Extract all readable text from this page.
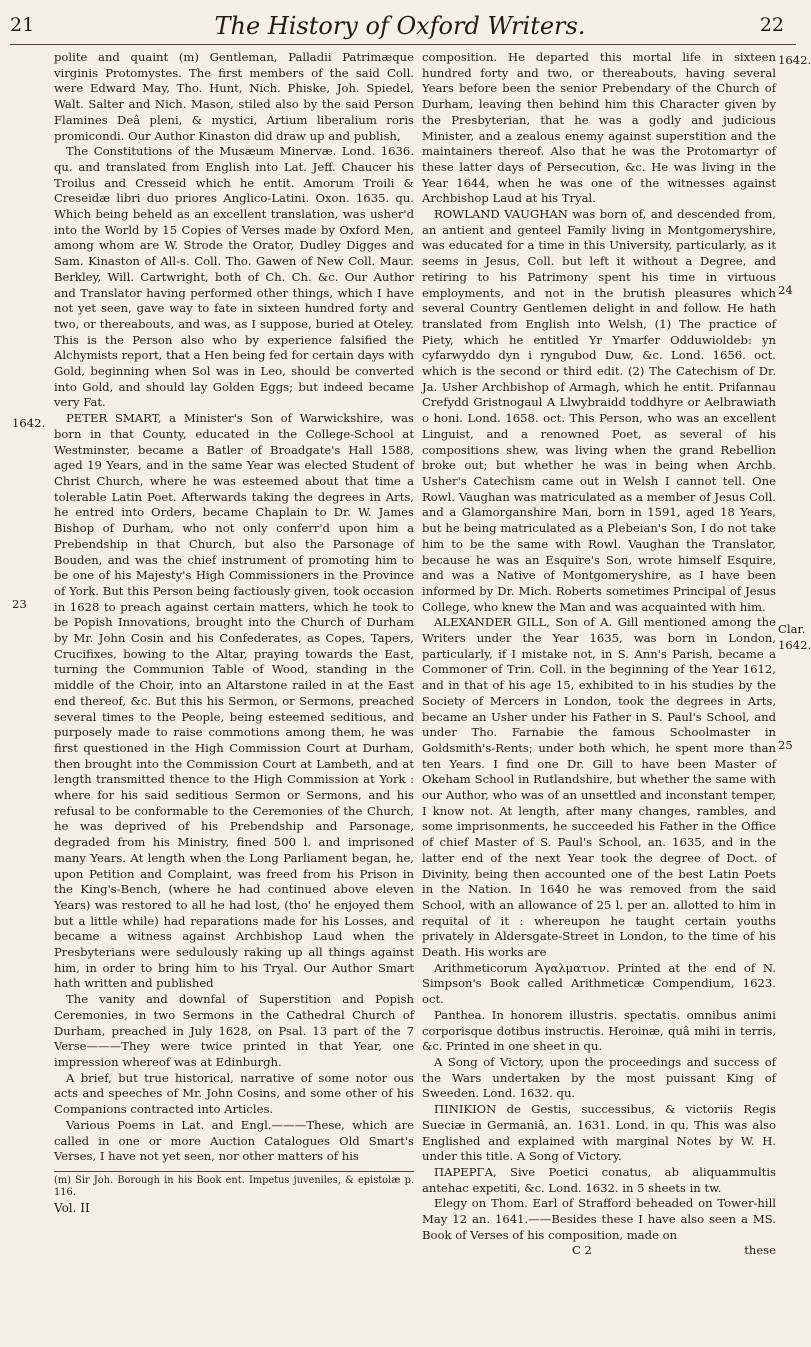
21	The History of Oxford Writers.	22
1642.
23
1642.
24
Clar.
1642.
25

polite and quaint (m) Gentleman, Palladii Patrimæque virginis Protomystes. The first members of the said Coll. were Edward May, Tho. Hunt, Nich. Phiske, Joh. Spiedel, Walt. Salter and Nich. Mason, stiled also by the said Person Flamines Deâ pleni, & mystici, Artium liberalium roris promicondi. Our Author Kinaston did draw up and publish,

The Constitutions of the Musæum Minervæ. Lond. 1636. qu. and translated from English into Lat. Jeff. Chaucer his Troilus and Cresseid which he entit. Amorum Troili & Creseidæ libri duo priores Anglico-Latini. Oxon. 1635. qu. Which being beheld as an excellent translation, was usher'd into the World by 15 Copies of Verses made by Oxford Men, among whom are W. Strode the Orator, Dudley Digges and Sam. Kinaston of All-s. Coll. Tho. Gawen of New Coll. Maur. Berkley, Will. Cartwright, both of Ch. Ch. &c. Our Author and Translator having performed other things, which I have not yet seen, gave way to fate in sixteen hundred forty and two, or thereabouts, and was, as I suppose, buried at Oteley. This is the Person also who by experience falsified the Alchymists report, that a Hen being fed for certain days with Gold, beginning when Sol was in Leo, should be converted into Gold, and should lay Golden Eggs; but indeed became very Fat.

PETER SMART, a Minister's Son of Warwickshire, was born in that County, educated in the College-School at Westminster, became a Batler of Broadgate's Hall 1588, aged 19 Years, and in the same Year was elected Student of Christ Church, where he was esteemed about that time a tolerable Latin Poet. Afterwards taking the degrees in Arts, he entred into Orders, became Chaplain to Dr. W. James Bishop of Durham, who not only conferr'd upon him a Prebendship in that Church, but also the Parsonage of Bouden, and was the chief instrument of promoting him to be one of his Majesty's High Commissioners in the Province of York. But this Person being factiously given, took occasion in 1628 to preach against certain matters, which he took to be Popish Innovations, brought into the Church of Durham by Mr. John Cosin and his Confederates, as Copes, Tapers, Crucifixes, bowing to the Altar, praying towards the East, turning the Communion Table of Wood, standing in the middle of the Choir, into an Altarstone railed in at the East end thereof, &c. But this his Sermon, or Sermons, preached several times to the People, being esteemed seditious, and purposely made to raise commotions among them, he was first questioned in the High Commission Court at Durham, then brought into the Commission Court at Lambeth, and at length transmitted thence to the High Commission at York : where for his said seditious Sermon or Sermons, and his refusal to be conformable to the Ceremonies of the Church, he was deprived of his Prebendship and Parsonage, degraded from his Ministry, fined 500 l. and imprisoned many Years. At length when the Long Parliament began, he, upon Petition and Complaint, was freed from his Prison in the King's-Bench, (where he had continued above eleven Years) was restored to all he had lost, (tho' he enjoyed them but a little while) had reparations made for his Losses, and became a witness against Archbishop Laud when the Presbyterians were sedulously raking up all things against him, in order to bring him to his Tryal. Our Author Smart hath written and published

The vanity and downfal of Superstition and Popish Ceremonies, in two Sermons in the Cathedral Church of Durham, preached in July 1628, on Psal. 13 part of the 7 Verse———They were twice printed in that Year, one impression whereof was at Edinburgh.

A brief, but true historical, narrative of some notor ous acts and speeches of Mr. John Cosins, and some other of his Companions contracted into Articles.

Various Poems in Lat. and Engl.———These, which are called in one or more Auction Catalogues Old Smart's Verses, I have not yet seen, nor other matters of his

(m) Sir Joh. Borough in his Book ent. Impetus juveniles, & epistolæ p. 116.
Vol. II

composition. He departed this mortal life in sixteen hundred forty and two, or thereabouts, having several Years before been the senior Prebendary of the Church of Durham, leaving then behind him this Character given by the Presbyterian, that he was a godly and judicious Minister, and a zealous enemy against superstition and the maintainers thereof. Also that he was the Protomartyr of these latter days of Persecution, &c. He was living in the Year 1644, when he was one of the witnesses against Archbishop Laud at his Tryal.

ROWLAND VAUGHAN was born of, and descended from, an antient and genteel Family living in Montgomeryshire, was educated for a time in this University, particularly, as it seems in Jesus, Coll. but left it without a Degree, and retiring to his Patrimony spent his time in virtuous employments, and not in the brutish pleasures which several Country Gentlemen delight in and follow. He hath translated from English into Welsh, (1) The practice of Piety, which he entitled Yr Ymarfer Odduwioldeb: yn cyfarwyddo dyn i ryngubod Duw, &c. Lond. 1656. oct. which is the second or third edit. (2) The Catechism of Dr. Ja. Usher Archbishop of Armagh, which he entit. Prifannau Crefydd Gristnogaul A Llwybraidd toddhyre or Aelbrawiath o honi. Lond. 1658. oct. This Person, who was an excellent Linguist, and a renowned Poet, as several of his compositions shew, was living when the grand Rebellion broke out; but whether he was in being when Archb. Usher's Catechism came out in Welsh I cannot tell. One Rowl. Vaughan was matriculated as a member of Jesus Coll. and a Glamorganshire Man, born in 1591, aged 18 Years, but he being matriculated as a Plebeian's Son, I do not take him to be the same with Rowl. Vaughan the Translator, because he was an Esquire's Son, wrote himself Esquire, and was a Native of Montgomeryshire, as I have been informed by Dr. Mich. Roberts sometimes Principal of Jesus College, who knew the Man and was acquainted with him.

ALEXANDER GILL, Son of A. Gill mentioned among the Writers under the Year 1635, was born in London, particularly, if I mistake not, in S. Ann's Parish, became a Commoner of Trin. Coll. in the beginning of the Year 1612, and in that of his age 15, exhibited to in his studies by the Society of Mercers in London, took the degrees in Arts, became an Usher under his Father in S. Paul's School, and under Tho. Farnabie the famous Schoolmaster in Goldsmith's-Rents; under both which, he spent more than ten Years. I find one Dr. Gill to have been Master of Okeham School in Rutlandshire, but whether the same with our Author, who was of an unsettled and inconstant temper, I know not. At length, after many changes, rambles, and some imprisonments, he succeeded his Father in the Office of chief Master of S. Paul's School, an. 1635, and in the latter end of the next Year took the degree of Doct. of Divinity, being then accounted one of the best Latin Poets in the Nation. In 1640 he was removed from the said School, with an allowance of 25 l. per an. allotted to him in requital of it : whereupon he taught certain youths privately in Aldersgate-Street in London, to the time of his Death. His works are

Arithmeticorum Ἀγαλματιον. Printed at the end of N. Simpson's Book called Arithmeticæ Compendium, 1623. oct.

Panthea. In honorem illustris. spectatis. omnibus animi corporisque dotibus instructis. Heroinæ, quâ mihi in terris, &c. Printed in one sheet in qu.

A Song of Victory, upon the proceedings and success of the Wars undertaken by the most puissant King of Sweeden. Lond. 1632. qu.

ΠΙΝΙΚΙΟΝ de Gestis, successibus, & victoriis Regis Sueciæ in Germaniâ, an. 1631. Lond. in qu. This was also Englished and explained with marginal Notes by W. H. under this title. A Song of Victory.

ΠΑΡΕΡΓΑ, Sive Poetici conatus, ab aliquammultis antehac expetiti, &c. Lond. 1632. in 5 sheets in tw.

Elegy on Thom. Earl of Strafford beheaded on Tower-hill May 12 an. 1641.——Besides these I have also seen a MS. Book of Verses of his composition, made on

C 2	these
